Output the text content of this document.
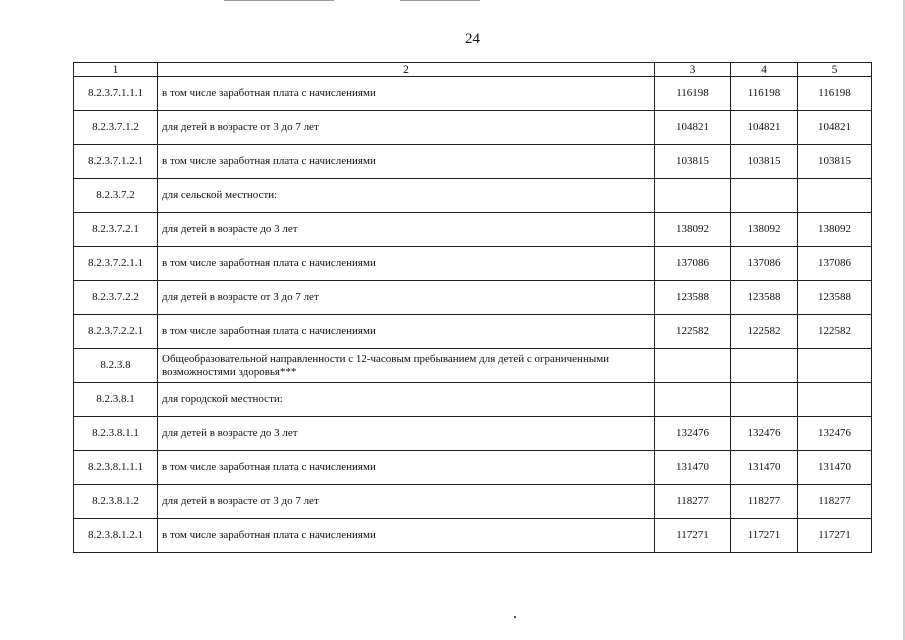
24
1	2	3	4	5
8.2.3.7.1.1.1	в том числе заработная плата с начислениями	116198	116198	116198
8.2.3.7.1.2	для детей в возрасте от 3 до 7 лет	104821	104821	104821
8.2.3.7.1.2.1	в том числе заработная плата с начислениями	103815	103815	103815
8.2.3.7.2	для сельской местности:			
8.2.3.7.2.1	для детей в возрасте до 3 лет	138092	138092	138092
8.2.3.7.2.1.1	в том числе заработная плата с начислениями	137086	137086	137086
8.2.3.7.2.2	для детей в возрасте от 3 до 7 лет	123588	123588	123588
8.2.3.7.2.2.1	в том числе заработная плата с начислениями	122582	122582	122582
8.2.3.8	Общеобразовательной направленности с 12-часовым пребыванием для детей с ограниченными возможностями здоровья***			
8.2.3.8.1	для городской местности:			
8.2.3.8.1.1	для детей в возрасте до 3 лет	132476	132476	132476
8.2.3.8.1.1.1	в том числе заработная плата с начислениями	131470	131470	131470
8.2.3.8.1.2	для детей в возрасте от 3 до 7 лет	118277	118277	118277
8.2.3.8.1.2.1	в том числе заработная плата с начислениями	117271	117271	117271
